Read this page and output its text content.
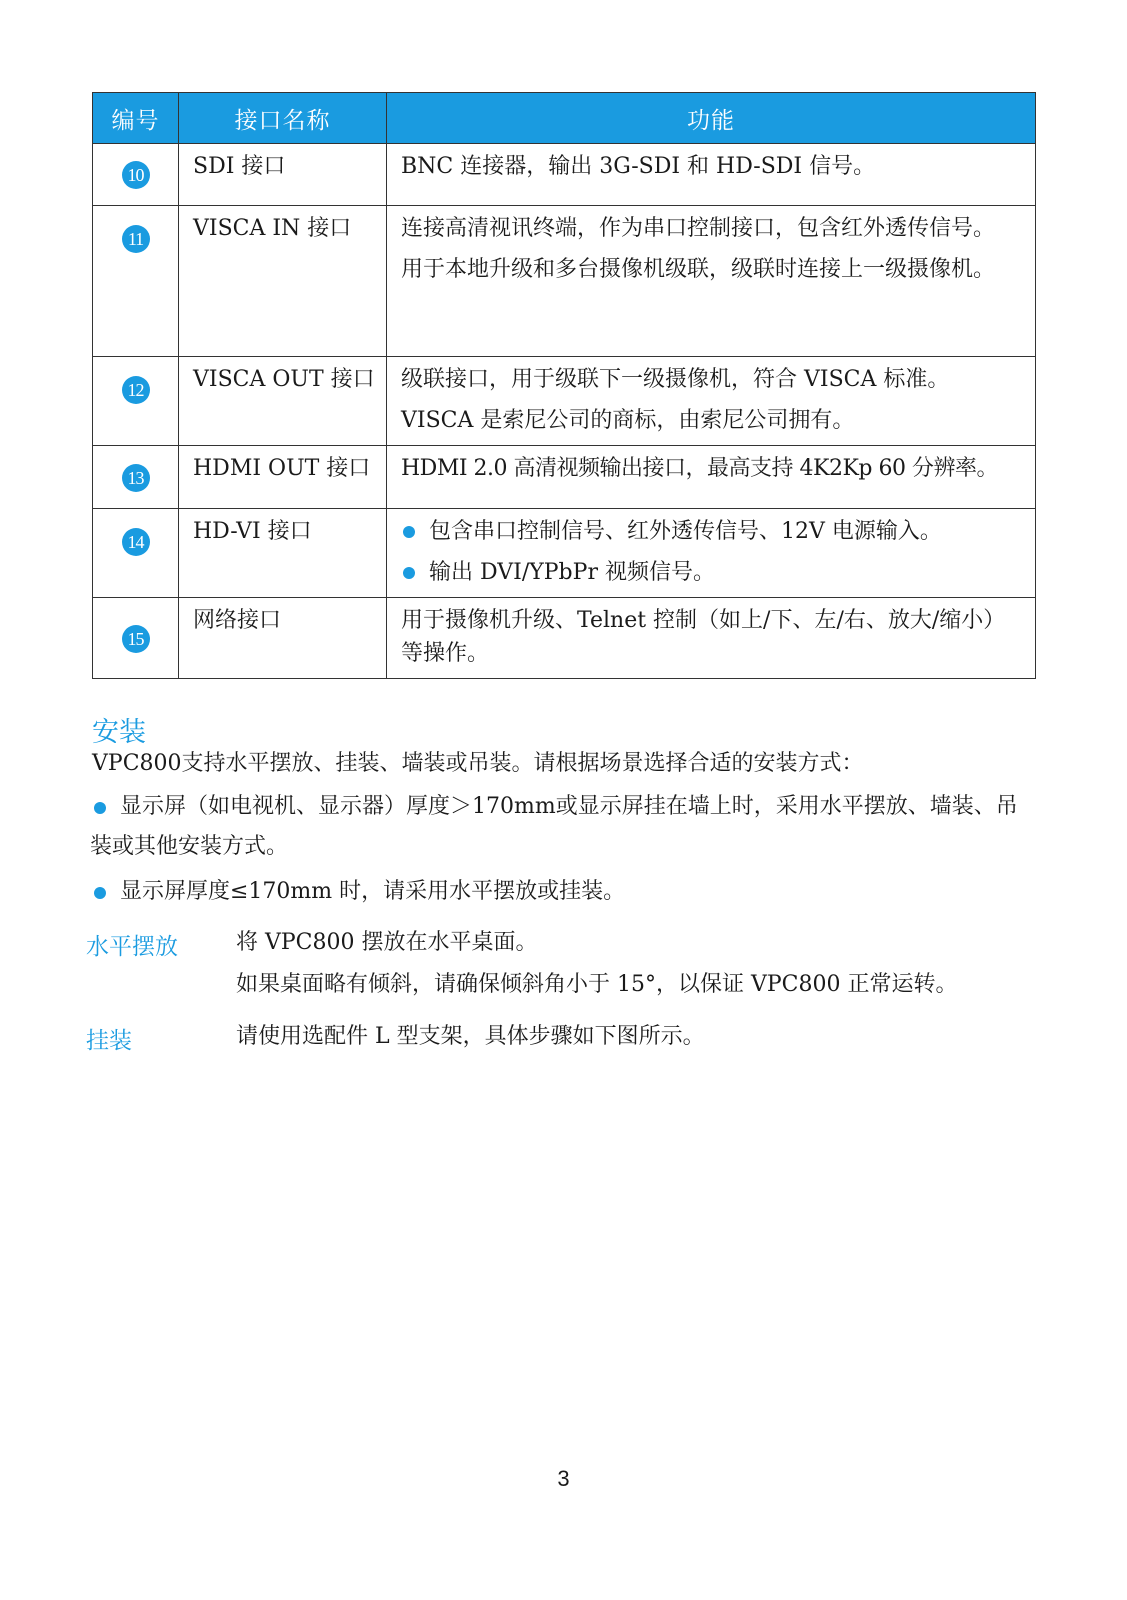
编号	接口名称	功能
10	SDI 接口	BNC 连接器，输出 3G-SDI 和 HD-SDI 信号。

11	VISCA IN 接口	连接高清视讯终端，作为串口控制接口，包含红外透传信号。

用于本地升级和多台摄像机级联，级联时连接上一级摄像机。

12	VISCA OUT 接口	级联接口，用于级联下一级摄像机，符合 VISCA 标准。

VISCA 是索尼公司的商标，由索尼公司拥有。

13	HDMI OUT 接口	HDMI 2.0 高清视频输出接口，最高支持 4K2Kp 60 分辨率。

14	HD-VI 接口	包含串口控制信号、红外透传信号、12V 电源输入。
输出 DVI/YPbPr 视频信号。

15	网络接口	用于摄像机升级、Telnet 控制（如上/下、左/右、放大/缩小）等操作。

安装

VPC800支持水平摆放、挂装、墙装或吊装。请根据场景选择合适的安装方式：

显示屏（如电视机、显示器）厚度＞170mm或显示屏挂在墙上时，采用水平摆放、墙装、吊装或其他安装方式。
显示屏厚度≤170mm 时，请采用水平摆放或挂装。
水平摆放	将 VPC800 摆放在水平桌面。
如果桌面略有倾斜，请确保倾斜角小于 15°，以保证 VPC800 正常运转。
挂装	请使用选配件 L 型支架，具体步骤如下图所示。
3
